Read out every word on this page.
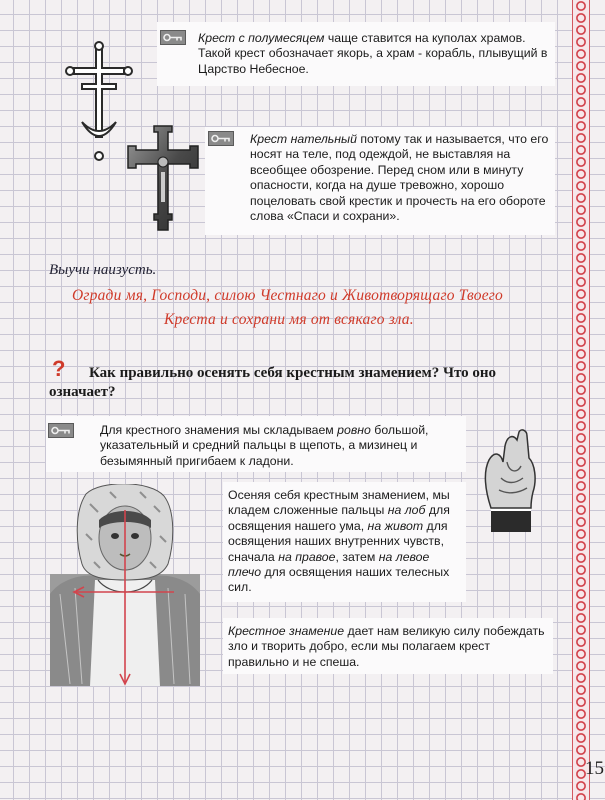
Крест с полумесяцем чаще ставится на куполах храмов. Такой крест обозначает якорь, а храм - корабль, плывущий в Царство Небесное.
Крест нательный потому так и называется, что его носят на теле, под одеждой, не выставляя на всеобщее обозрение. Перед сном или в минуту опасности, когда на душе тревожно, хорошо поцеловать свой крестик и прочесть на его обороте слова «Спаси и сохрани».
Выучи наизусть.
Огради мя, Господи, силою Честнаго и Животворящаго Твоего
Креста и сохрани мя от всякаго зла.
?	Как правильно осенять себя крестным знамением? Что оно означает?
Для крестного знамения мы складываем ровно большой, указательный и средний пальцы в щепоть, а мизинец и безымянный пригибаем к ладони.
Осеняя себя крестным знамением, мы кладем сложенные пальцы на лоб для освящения нашего ума, на живот для освящения наших внутренних чувств, сначала на правое, затем на левое плечо для освящения наших телесных сил.
Крестное знамение дает нам великую силу побеждать зло и творить добро, если мы полагаем крест правильно и не спеша.
15
